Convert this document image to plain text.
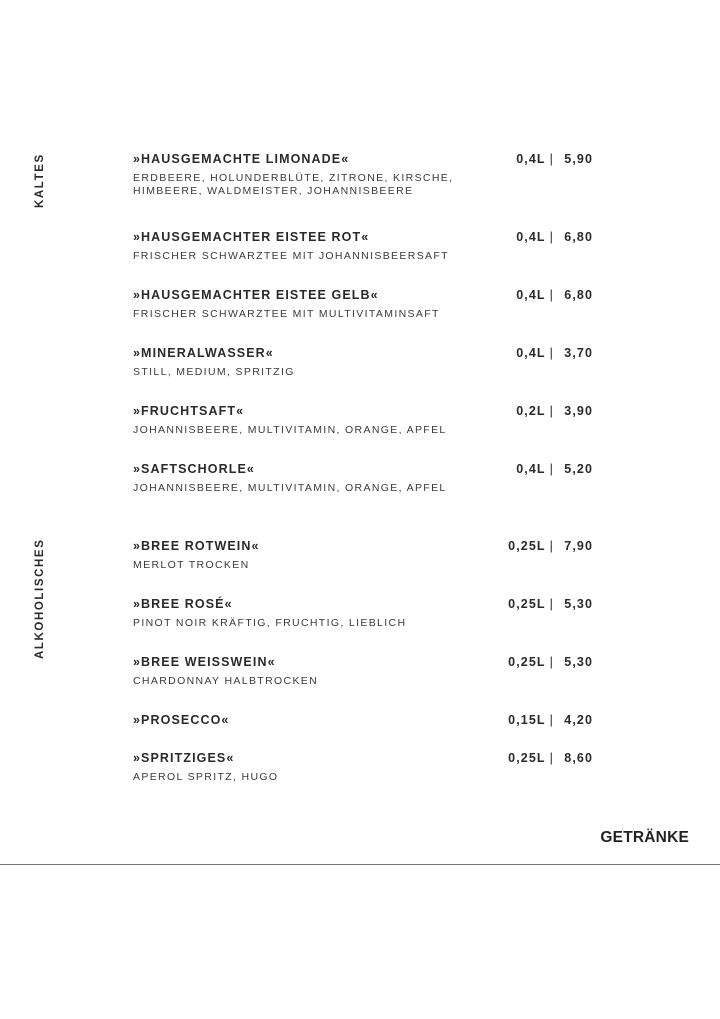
KALTES	»HAUSGEMACHTE LIMONADE«
ERDBEERE, HOLUNDERBLÜTE, ZITRONE, KIRSCHE, HIMBEERE, WALDMEISTER, JOHANNISBEERE
0,4L | 5,90
»HAUSGEMACHTER EISTEE ROT«
FRISCHER SCHWARZTEE MIT JOHANNISBEERSAFT
0,4L | 6,80
»HAUSGEMACHTER EISTEE GELB«
FRISCHER SCHWARZTEE MIT MULTIVITAMINSAFT
0,4L | 6,80
»MINERALWASSER«
STILL, MEDIUM, SPRITZIG
0,4L | 3,70
»FRUCHTSAFT«
JOHANNISBEERE, MULTIVITAMIN, ORANGE, APFEL
0,2L | 3,90
»SAFTSCHORLE«
JOHANNISBEERE, MULTIVITAMIN, ORANGE, APFEL
0,4L | 5,20
ALKOHOLISCHES	»BREE ROTWEIN«
MERLOT TROCKEN
0,25L | 7,90
»BREE ROSÉ«
PINOT NOIR KRÄFTIG, FRUCHTIG, LIEBLICH
0,25L | 5,30
»BREE WEISSWEIN«
CHARDONNAY HALBTROCKEN
0,25L | 5,30
»PROSECCO«	0,15L | 4,20
»SPRITZIGES«
APEROL SPRITZ, HUGO
0,25L | 8,60
GETRÄNKE
